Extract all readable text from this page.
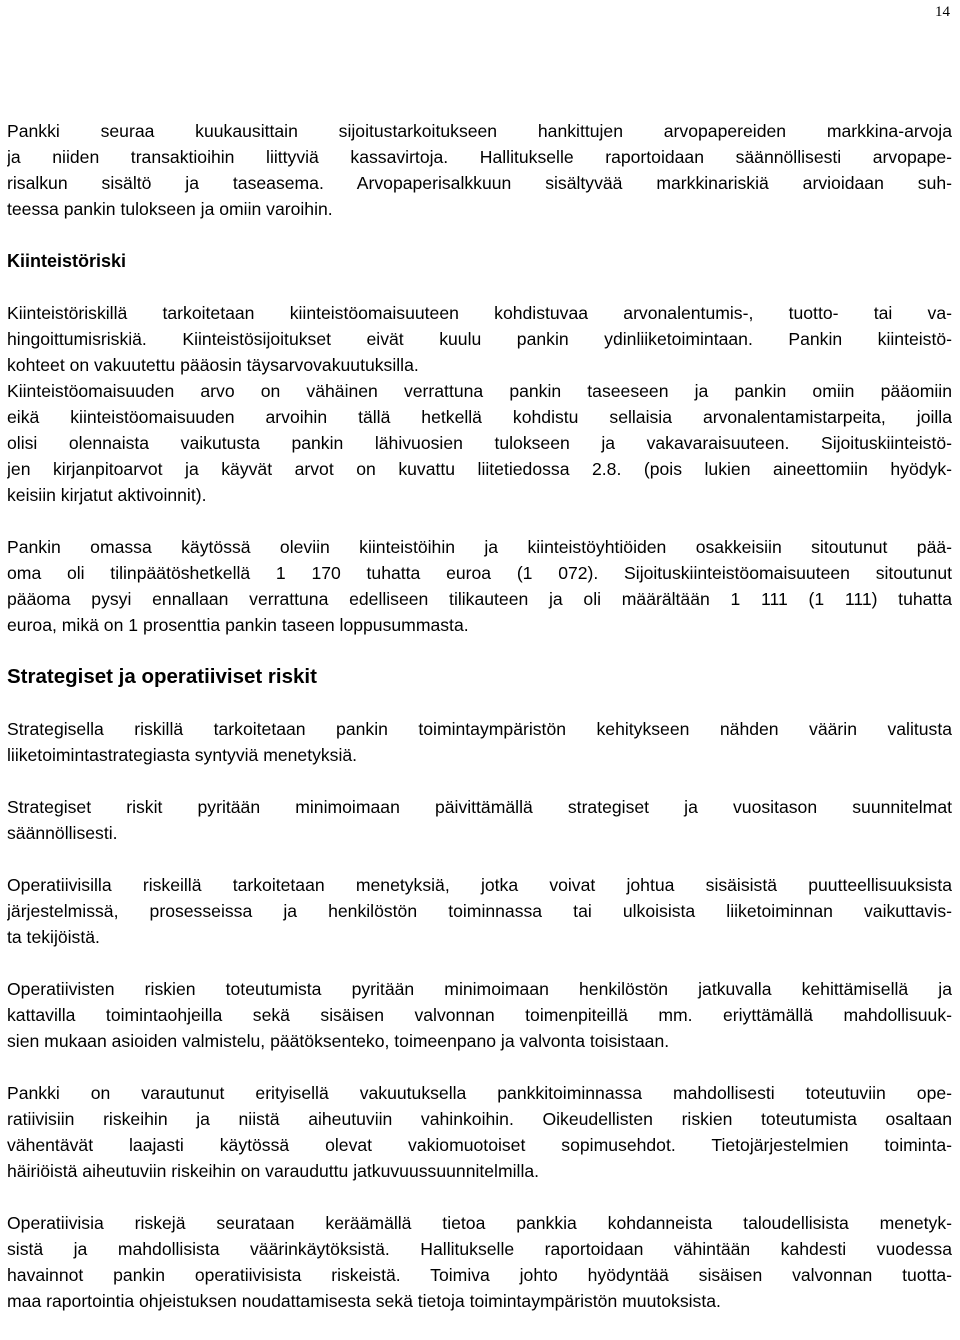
14
Pankki seuraa kuukausittain sijoitustarkoitukseen hankittujen arvopapereiden markkina-arvoja
ja niiden transaktioihin liittyviä kassavirtoja. Hallitukselle raportoidaan säännöllisesti arvopape-
risalkun sisältö ja taseasema. Arvopaperisalkkuun sisältyvää markkinariskiä arvioidaan suh-
teessa pankin tulokseen ja omiin varoihin.
Kiinteistöriski
Kiinteistöriskillä tarkoitetaan kiinteistöomaisuuteen kohdistuvaa arvonalentumis-, tuotto- tai va-
hingoittumisriskiä. Kiinteistösijoitukset eivät kuulu pankin ydinliiketoimintaan. Pankin kiinteistö-
kohteet on vakuutettu pääosin täysarvovakuutuksilla.
Kiinteistöomaisuuden arvo on vähäinen verrattuna pankin taseeseen ja pankin omiin pääomiin
eikä kiinteistöomaisuuden arvoihin tällä hetkellä kohdistu sellaisia arvonalentamistarpeita, joilla
olisi olennaista vaikutusta pankin lähivuosien tulokseen ja vakavaraisuuteen. Sijoituskiinteistö-
jen kirjanpitoarvot ja käyvät arvot on kuvattu liitetiedossa 2.8. (pois lukien aineettomiin hyödyk-
keisiin kirjatut aktivoinnit).
Pankin omassa käytössä oleviin kiinteistöihin ja kiinteistöyhtiöiden osakkeisiin sitoutunut pää-
oma oli tilinpäätöshetkellä 1 170 tuhatta euroa (1 072). Sijoituskiinteistöomaisuuteen sitoutunut
pääoma pysyi ennallaan verrattuna edelliseen tilikauteen ja oli määrältään 1 111 (1 111) tuhatta
euroa, mikä on 1 prosenttia pankin taseen loppusummasta.
Strategiset ja operatiiviset riskit
Strategisella riskillä tarkoitetaan pankin toimintaympäristön kehitykseen nähden väärin valitusta
liiketoimintastrategiasta syntyviä menetyksiä.
Strategiset riskit pyritään minimoimaan päivittämällä strategiset ja vuositason suunnitelmat
säännöllisesti.
Operatiivisilla riskeillä tarkoitetaan menetyksiä, jotka voivat johtua sisäisistä puutteellisuuksista
järjestelmissä, prosesseissa ja henkilöstön toiminnassa tai ulkoisista liiketoiminnan vaikuttavis-
ta tekijöistä.
Operatiivisten riskien toteutumista pyritään minimoimaan henkilöstön jatkuvalla kehittämisellä ja
kattavilla toimintaohjeilla sekä sisäisen valvonnan toimenpiteillä mm. eriyttämällä mahdollisuuk-
sien mukaan asioiden valmistelu, päätöksenteko, toimeenpano ja valvonta toisistaan.
Pankki on varautunut erityisellä vakuutuksella pankkitoiminnassa mahdollisesti toteutuviin ope-
ratiivisiin riskeihin ja niistä aiheutuviin vahinkoihin. Oikeudellisten riskien toteutumista osaltaan
vähentävät laajasti käytössä olevat vakiomuotoiset sopimusehdot. Tietojärjestelmien toiminta-
häiriöistä aiheutuviin riskeihin on varauduttu jatkuvuussuunnitelmilla.
Operatiivisia riskejä seurataan keräämällä tietoa pankkia kohdanneista taloudellisista menetyk-
sistä ja mahdollisista väärinkäytöksistä. Hallitukselle raportoidaan vähintään kahdesti vuodessa
havainnot pankin operatiivisista riskeistä. Toimiva johto hyödyntää sisäisen valvonnan tuotta-
maa raportointia ohjeistuksen noudattamisesta sekä tietoja toimintaympäristön muutoksista.
